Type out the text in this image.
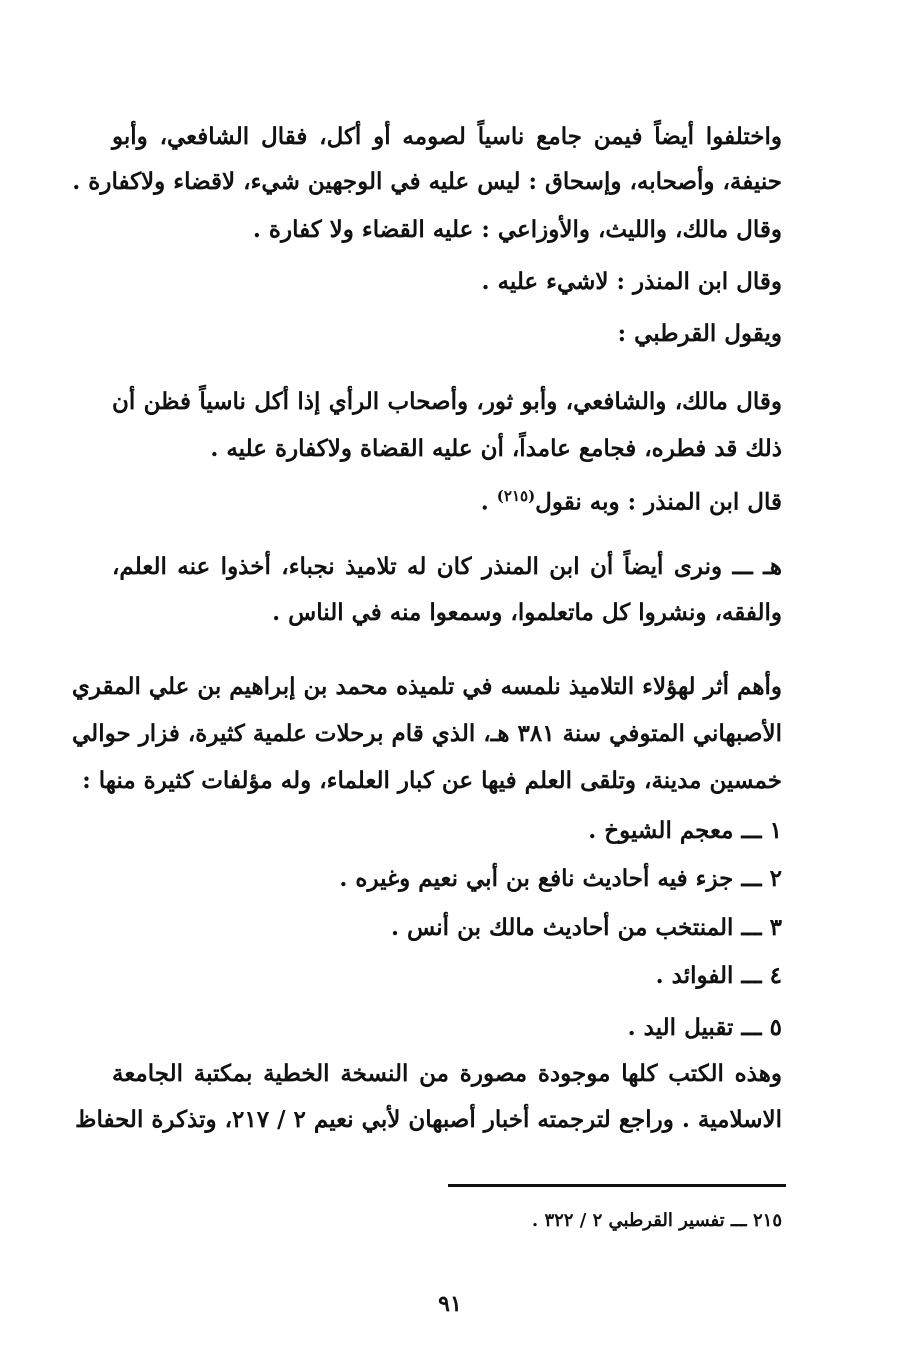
واختلفوا أيضاً فيمن جامع ناسياً لصومه أو أكل، فقال الشافعي، وأبو
حنيفة، وأصحابه، وإسحاق : ليس عليه في الوجهين شيء، لاقضاء ولاكفارة .
وقال مالك، والليث، والأوزاعي : عليه القضاء ولا كفارة .
وقال ابن المنذر : لاشيء عليه .
ويقول القرطبي :
وقال مالك، والشافعي، وأبو ثور، وأصحاب الرأي إذا أكل ناسياً فظن أن
ذلك قد فطره، فجامع عامداً، أن عليه القضاة ولاكفارة عليه .
قال ابن المنذر : وبه نقول$^{(٢١٥)}$ .
هـ ـــ ونرى أيضاً أن ابن المنذر كان له تلاميذ نجباء، أخذوا عنه العلم،
والفقه، ونشروا كل ماتعلموا، وسمعوا منه في الناس .
وأهم أثر لهؤلاء التلاميذ نلمسه في تلميذه محمد بن إبراهيم بن علي المقري
الأصبهاني المتوفي سنة ٣٨١ هـ، الذي قام برحلات علمية كثيرة، فزار حوالي
خمسين مدينة، وتلقى العلم فيها عن كبار العلماء، وله مؤلفات كثيرة منها :
١ ـــ معجم الشيوخ .
٢ ـــ جزء فيه أحاديث نافع بن أبي نعيم وغيره .
٣ ـــ المنتخب من أحاديث مالك بن أنس .
٤ ـــ الفوائد .
٥ ـــ تقبيل اليد .
وهذه الكتب كلها موجودة مصورة من النسخة الخطية بمكتبة الجامعة
الاسلامية . وراجع لترجمته أخبار أصبهان لأبي نعيم ٢ / ٢١٧، وتذكرة الحفاظ
٢١٥ ـــ تفسير القرطبي ٢ / ٣٢٢ .
٩١
